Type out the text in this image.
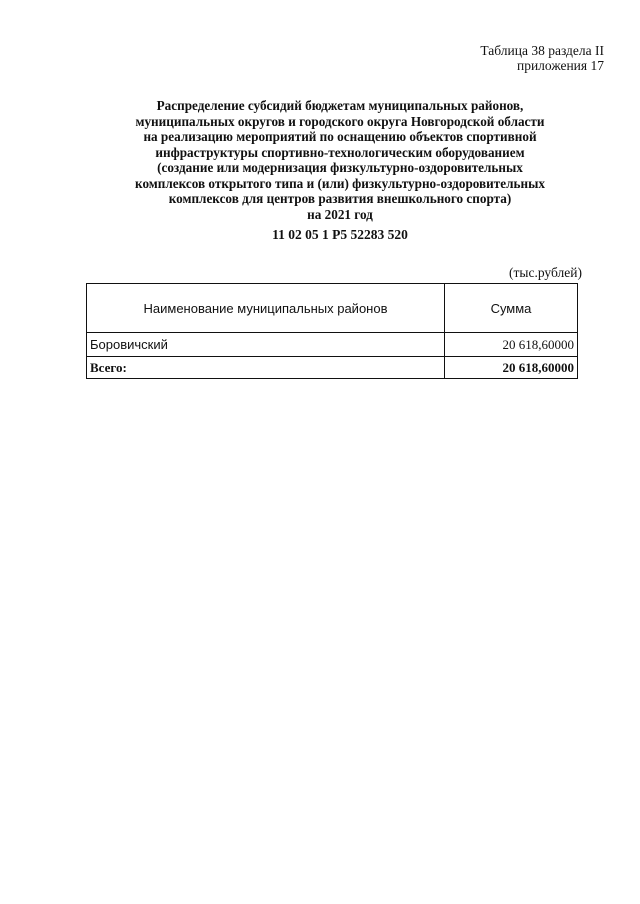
Таблица 38 раздела II
приложения 17
Распределение субсидий бюджетам муниципальных районов,
муниципальных округов и городского округа Новгородской области
на реализацию мероприятий по оснащению объектов спортивной
инфраструктуры спортивно-технологическим оборудованием
(создание или модернизация физкультурно-оздоровительных
комплексов открытого типа и (или) физкультурно-оздоровительных
комплексов для центров развития внешкольного спорта)
на 2021 год
11 02 05 1 Р5 52283 520
(тыс.рублей)
Наименование муниципальных районов	Сумма
Боровичский	20 618,60000
Всего:	20 618,60000
